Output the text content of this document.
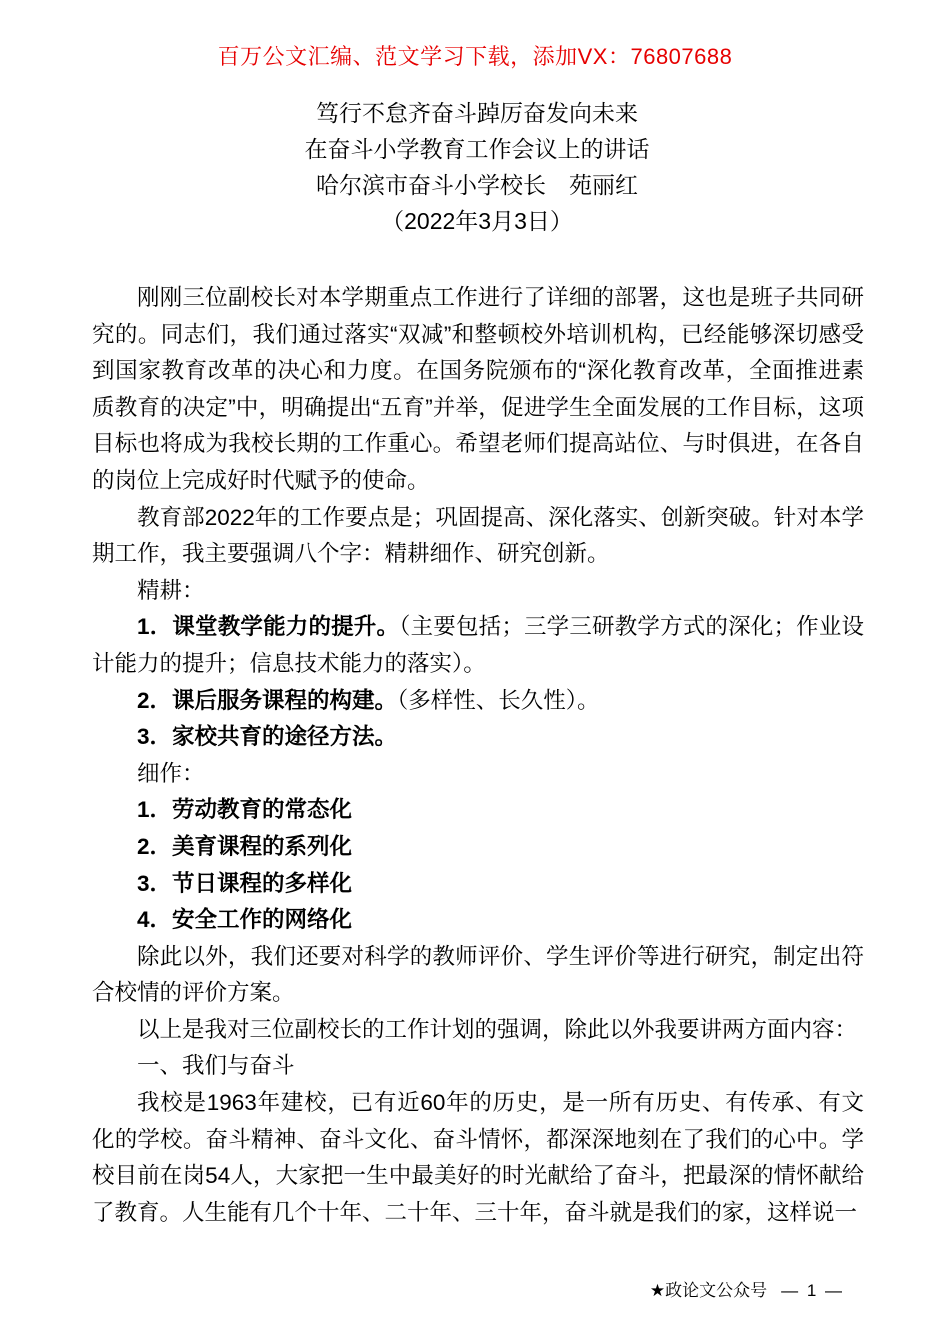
百万公文汇编、范文学习下载，添加VX：76807688
笃行不怠齐奋斗踔厉奋发向未来
在奋斗小学教育工作会议上的讲话
哈尔滨市奋斗小学校长　苑丽红
（2022年3月3日）

刚刚三位副校长对本学期重点工作进行了详细的部署，这也是班子共同研究的。同志们，我们通过落实“双减”和整顿校外培训机构，已经能够深切感受到国家教育改革的决心和力度。在国务院颁布的“深化教育改革，全面推进素质教育的决定”中，明确提出“五育”并举，促进学生全面发展的工作目标，这项目标也将成为我校长期的工作重心。希望老师们提高站位、与时俱进，在各自的岗位上完成好时代赋予的使命。

教育部2022年的工作要点是；巩固提高、深化落实、创新突破。针对本学期工作，我主要强调八个字：精耕细作、研究创新。

精耕：

1．课堂教学能力的提升。（主要包括；三学三研教学方式的深化；作业设计能力的提升；信息技术能力的落实）。

2．课后服务课程的构建。（多样性、长久性）。

3．家校共育的途径方法。

细作：

1．劳动教育的常态化

2．美育课程的系列化

3．节日课程的多样化

4．安全工作的网络化

除此以外，我们还要对科学的教师评价、学生评价等进行研究，制定出符合校情的评价方案。

以上是我对三位副校长的工作计划的强调，除此以外我要讲两方面内容：

一、我们与奋斗

我校是1963年建校，已有近60年的历史，是一所有历史、有传承、有文化的学校。奋斗精神、奋斗文化、奋斗情怀，都深深地刻在了我们的心中。学校目前在岗54人，大家把一生中最美好的时光献给了奋斗，把最深的情怀献给了教育。人生能有几个十年、二十年、三十年，奋斗就是我们的家，这样说一

★政论文公众号 — 1 —
